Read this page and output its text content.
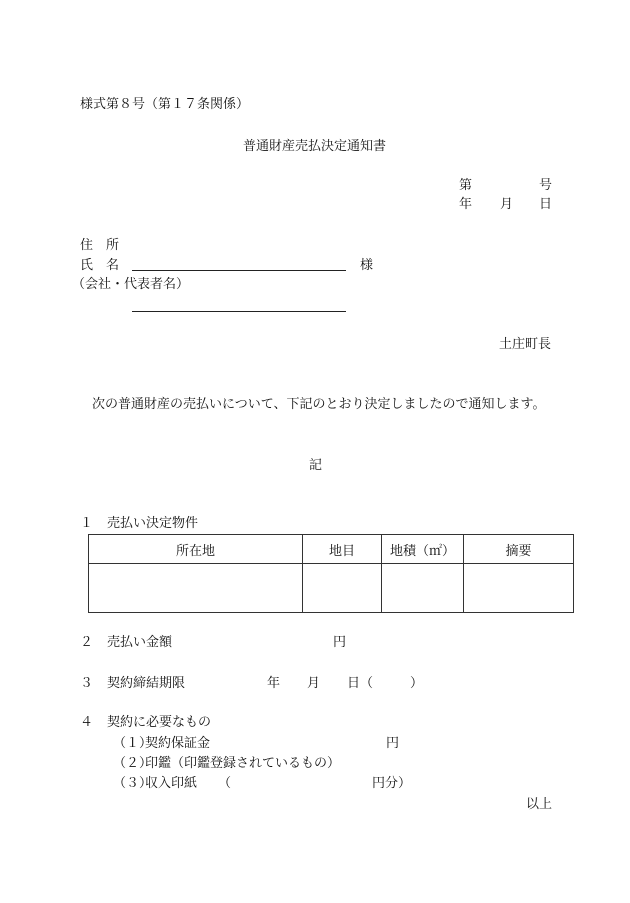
様式第８号（第１７条関係）
普通財産売払決定通知書
第	号
年 月 日
住　所
氏　名	様
（会社・代表者名）
土庄町長
次の普通財産の売払いについて、下記のとおり決定しましたので通知します。
記
１ 売払い決定物件
所在地	地目	地積（㎡）	摘要

２ 売払い金額	円
３ 契約締結期限	年 月 日（	）
４ 契約に必要なもの
（１）
契約保証金	円
（２）
印鑑（印鑑登録されているもの）
（３）
収入印紙 （	円分）
以上
